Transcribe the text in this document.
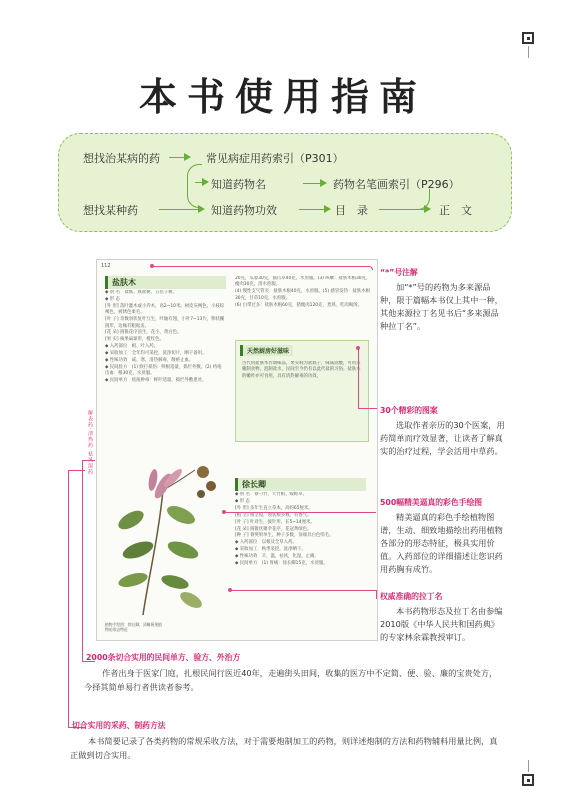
本书使用指南
想找治某病的药	常见病症用药索引（P301）
知道药物名	药物名笔画索引（P296）
想找某种药	知道药物功效	目　录	正　文
112
解表药·清热药·祛风湿药
盐肤木

◆ 别 名　盐麸、麸盐树、五倍子树。

◆ 形 态

[外 形] 落叶灌木或小乔木，高2~10米。树皮灰褐色，小枝棕褐色，被锈色柔毛。

[叶 子] 奇数羽状复叶互生，叶轴有翅，小叶7~13片，卵状椭圆形，边缘有粗锯齿。

[花 朵] 圆锥花序顶生，花小，黄白色。

[果 实] 核果扁球形，橙红色。

◆ 入药部位　根、叶入药。

◆ 采收加工　全年均可采挖，洗净切片，晒干备用。

◆ 性味功效　咸、寒，清热解毒，散瘀止血。

◆ 民间验方　(1) 跌打损伤：鲜根适量，捣烂外敷。(2) 痔疮出血：根30克，水煎服。

◆ 民间单方　疮疡肿毒：鲜叶适量，捣烂外敷患处。

20克，瓜蒌30克，猫爪草40克，水煎服。(3) 咳嗽：盐肤木根30克，瘦肉30克，清水煎服。

(4) 慢性支气管炎：盐肤木根40克，水煎服。(5) 感冒发热：盐肤木根30克，甘草10克，水煎服。

(6) 白带过多：盐肤木根60克，猪瘦肉120克，煮熟，吃肉喝汤。

天然厨房好滋味
古代用盐肤木作调味品，果实称为盐麸子，味咸而酸，可用来腌制食物、泡制盐水，民间至今仍有以此代盐的习俗。盐肤木的嫩叶亦可食用，具有清热解毒的功效。
徐长卿

◆ 别 名　寮刁竹、天竹根、蜈蚣草。

◆ 形 态

[外 形] 多年生直立草本，高约65厘米。

[根 茎] 根茎短，须状根多数，有香气。

[叶 子] 叶对生，披针形，长5~14厘米。

[花 朵] 圆锥状聚伞花序，花冠黄绿色。

[种 子] 蓇葖果单生，种子多数，顶端具白色绢毛。

◆ 入药部位　以根及全草入药。

◆ 采收加工　秋季采挖，洗净晒干。

◆ 性味功效　辛，温，祛风，化湿，止痛。

◆ 民间单方　(1) 胃痛：徐长卿15克，水煎服。

植物手绘图：徐长卿，清晰展现植物的形态特征
“*”号注解
加“*”号的药物为多来源品种，限于篇幅本书仅上其中一种，其他来源拉丁名见书后“多来源品种拉丁名”。
30个精彩的图案
选取作者亲历的30个医案，用药简单而疗效显著，让读者了解真实的治疗过程，学会活用中草药。
500幅精美逼真的彩色手绘图
精美逼真的彩色手绘植物图谱，生动、细致地描绘出药用植物各部分的形态特征，极具实用价值。入药部位的详细描述让您识药用药胸有成竹。
权威准确的拉丁名
本书药物形态及拉丁名由参编2010版《中华人民共和国药典》的专家林余霖教授审订。
2000条切合实用的民间单方、验方、外治方
作者出身于医家门庭，扎根民间行医近40年，走遍街头田间，收集的医方中不定简、便、验、廉的宝贵处方，今择其简单易行者供读者参考。
切合实用的采药、制药方法
本书简要记录了各类药物的常规采收方法，对于需要炮制加工的药物，则详述炮制的方法和药物辅料用量比例，真正做到切合实用。
